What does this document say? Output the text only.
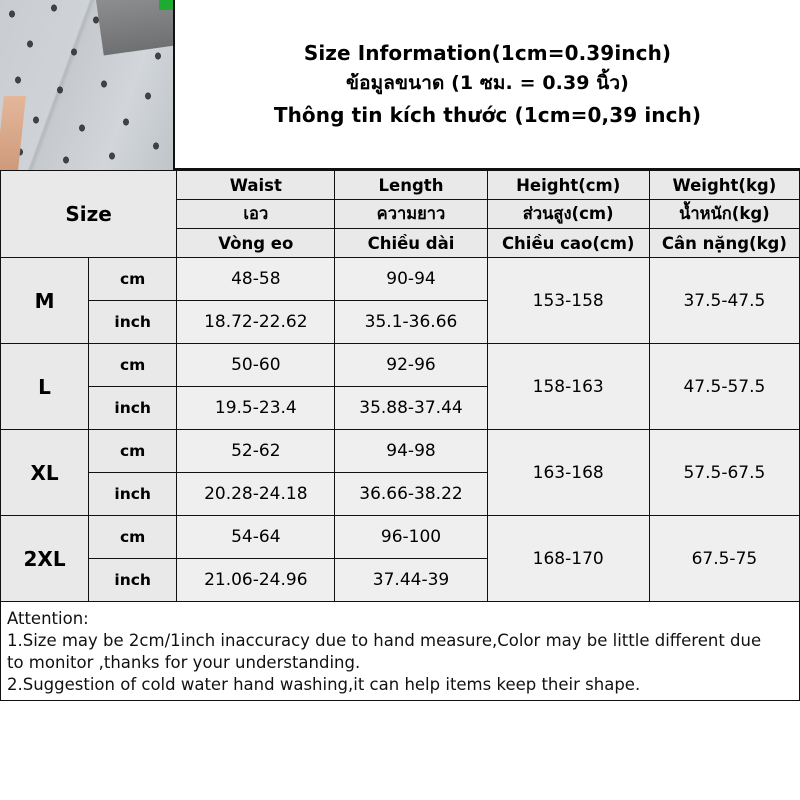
Size Information(1cm=0.39inch)
ข้อมูลขนาด (1 ซม. = 0.39 นิ้ว)
Thông tin kích thước (1cm=0,39 inch)
Size		Waist	Length	Height(cm)	Weight(kg)
		เอว	ความยาว	ส่วนสูง(cm)	น้ำหนัก(kg)
		Vòng eo	Chiều dài	Chiều cao(cm)	Cân nặng(kg)
M	cm	48-58	90-94	153-158	37.5-47.5
	inch	18.72-22.62	35.1-36.66		
L	cm	50-60	92-96	158-163	47.5-57.5
	inch	19.5-23.4	35.88-37.44		
XL	cm	52-62	94-98	163-168	57.5-67.5
	inch	20.28-24.18	36.66-38.22		
2XL	cm	54-64	96-100	168-170	67.5-75
	inch	21.06-24.96	37.44-39		

Attention:

1.Size may be 2cm/1inch inaccuracy due to hand measure,Color may be little different due

to monitor ,thanks for your understanding.

2.Suggestion of cold water hand washing,it can help items keep their shape.
